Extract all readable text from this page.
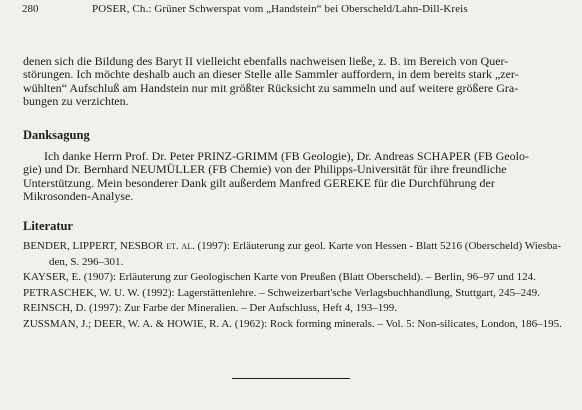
280	POSER, Ch.: Grüner Schwerspat vom „Handstein“ bei Oberscheld/Lahn-Dill-Kreis
denen sich die Bildung des Baryt II vielleicht ebenfalls nachweisen ließe, z. B. im Bereich von Quer-
störungen. Ich möchte deshalb auch an dieser Stelle alle Sammler auffordern, in dem bereits stark „zer-
wühlten“ Aufschluß am Handstein nur mit größter Rücksicht zu sammeln und auf weitere größere Gra-
bungen zu verzichten.
Danksagung
Ich danke Herrn Prof. Dr. Peter PRINZ-GRIMM (FB Geologie), Dr. Andreas SCHAPER (FB Geolo-
gie) und Dr. Bernhard NEUMÜLLER (FB Chemie) von der Philipps-Universität für ihre freundliche
Unterstützung. Mein besonderer Dank gilt außerdem Manfred GEREKE für die Durchführung der
Mikrosonden-Analyse.
Literatur
BENDER, LIPPERT, NESBOR et. al. (1997): Erläuterung zur geol. Karte von Hessen - Blatt 5216 (Oberscheld) Wiesba-
den, S. 296–301.
KAYSER, E. (1907): Erläuterung zur Geologischen Karte von Preußen (Blatt Oberscheld). – Berlin, 96–97 und 124.
PETRASCHEK, W. U. W. (1992): Lagerstättenlehre. – Schweizerbart'sche Verlagsbuchhandlung, Stuttgart, 245–249.
REINSCH, D. (1997): Zur Farbe der Mineralien. – Der Aufschluss, Heft 4, 193–199.
ZUSSMAN, J.; DEER, W. A. & HOWIE, R. A. (1962): Rock forming minerals. – Vol. 5: Non-silicates, London, 186–195.
